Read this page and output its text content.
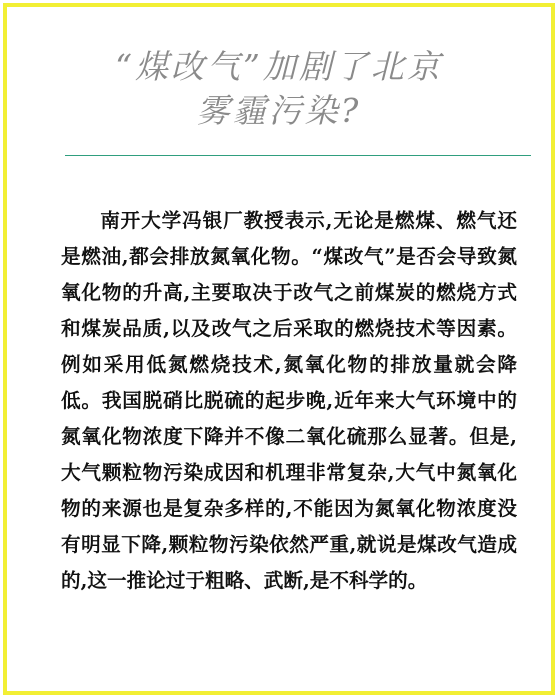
“煤改气”加剧了北京
雾霾污染?
南开大学冯银厂教授表示,无论是燃煤、燃气还是燃油,都会排放氮氧化物。“煤改气”是否会导致氮氧化物的升高,主要取决于改气之前煤炭的燃烧方式和煤炭品质,以及改气之后采取的燃烧技术等因素。例如采用低氮燃烧技术,氮氧化物的排放量就会降低。我国脱硝比脱硫的起步晚,近年来大气环境中的氮氧化物浓度下降并不像二氧化硫那么显著。但是,大气颗粒物污染成因和机理非常复杂,大气中氮氧化物的来源也是复杂多样的,不能因为氮氧化物浓度没有明显下降,颗粒物污染依然严重,就说是煤改气造成的,这一推论过于粗略、武断,是不科学的。
